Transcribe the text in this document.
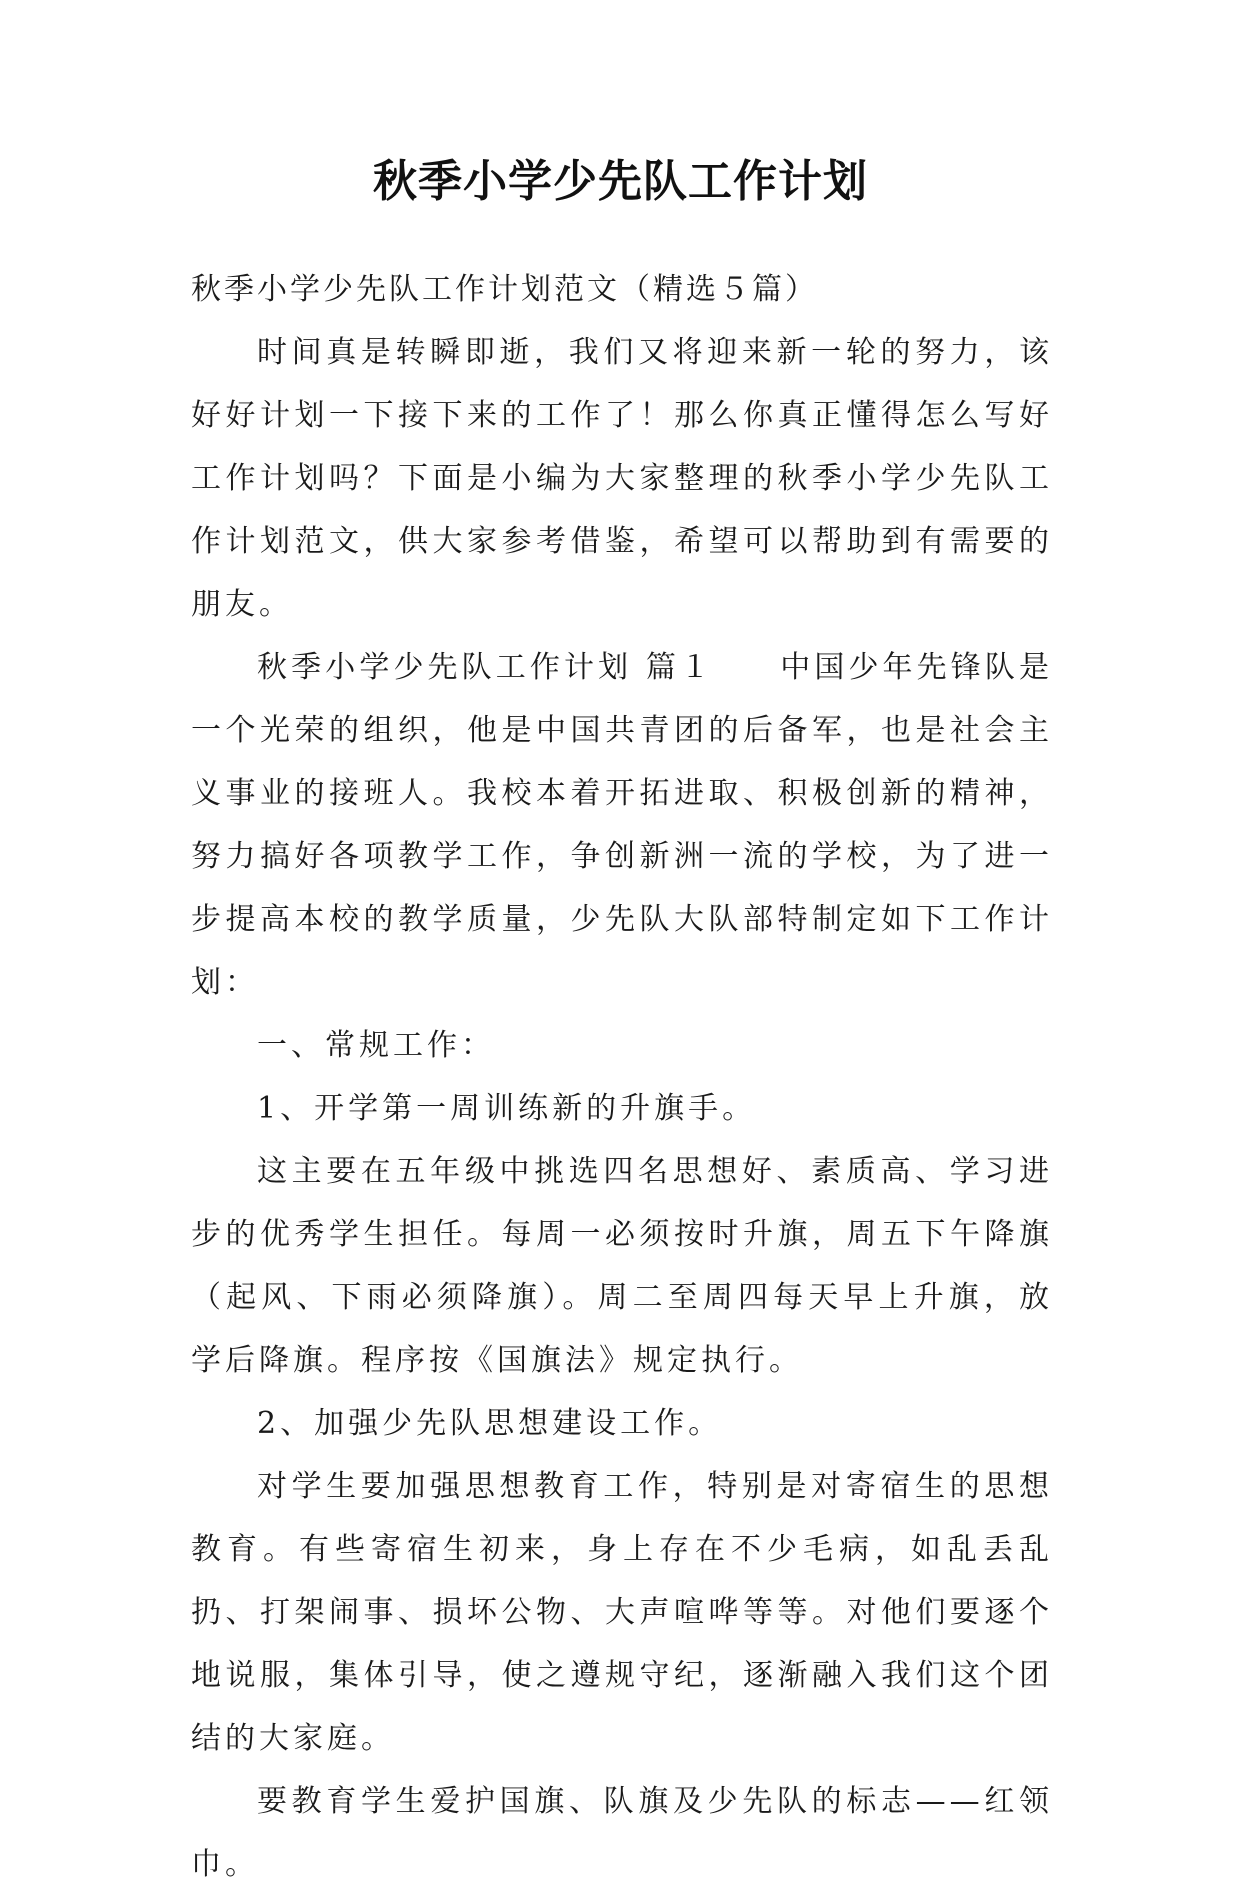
秋季小学少先队工作计划

秋季小学少先队工作计划范文（精选５篇）

时间真是转瞬即逝，我们又将迎来新一轮的努力，该好好计划一下接下来的工作了！那么你真正懂得怎么写好工作计划吗？下面是小编为大家整理的秋季小学少先队工作计划范文，供大家参考借鉴，希望可以帮助到有需要的朋友。

秋季小学少先队工作计划 篇１ 中国少年先锋队是一个光荣的组织，他是中国共青团的后备军，也是社会主义事业的接班人。我校本着开拓进取、积极创新的精神，努力搞好各项教学工作，争创新洲一流的学校，为了进一步提高本校的教学质量，少先队大队部特制定如下工作计划：

一、常规工作：

1、开学第一周训练新的升旗手。

这主要在五年级中挑选四名思想好、素质高、学习进步的优秀学生担任。每周一必须按时升旗，周五下午降旗（起风、下雨必须降旗）。周二至周四每天早上升旗，放学后降旗。程序按《国旗法》规定执行。

2、加强少先队思想建设工作。

对学生要加强思想教育工作，特别是对寄宿生的思想教育。有些寄宿生初来，身上存在不少毛病，如乱丢乱扔、打架闹事、损坏公物、大声喧哗等等。对他们要逐个地说服，集体引导，使之遵规守纪，逐渐融入我们这个团结的大家庭。

要教育学生爱护国旗、队旗及少先队的标志——红领巾。
